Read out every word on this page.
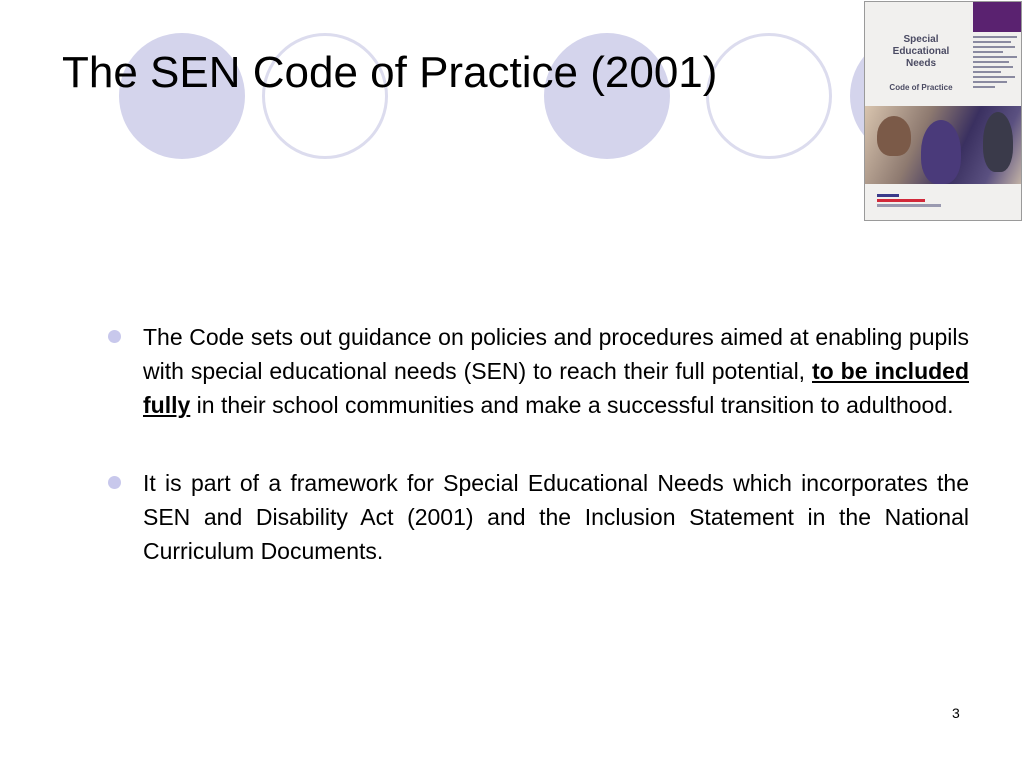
The SEN Code of Practice (2001)
Special
Educational
Needs
Code of Practice
The Code sets out guidance on policies and procedures aimed at enabling pupils with special educational needs (SEN) to reach their full potential, to be included fully in their school communities and make a successful transition to adulthood.
It is part of a framework for Special Educational Needs which incorporates the SEN and Disability Act (2001) and the Inclusion Statement in the National Curriculum Documents.
3
